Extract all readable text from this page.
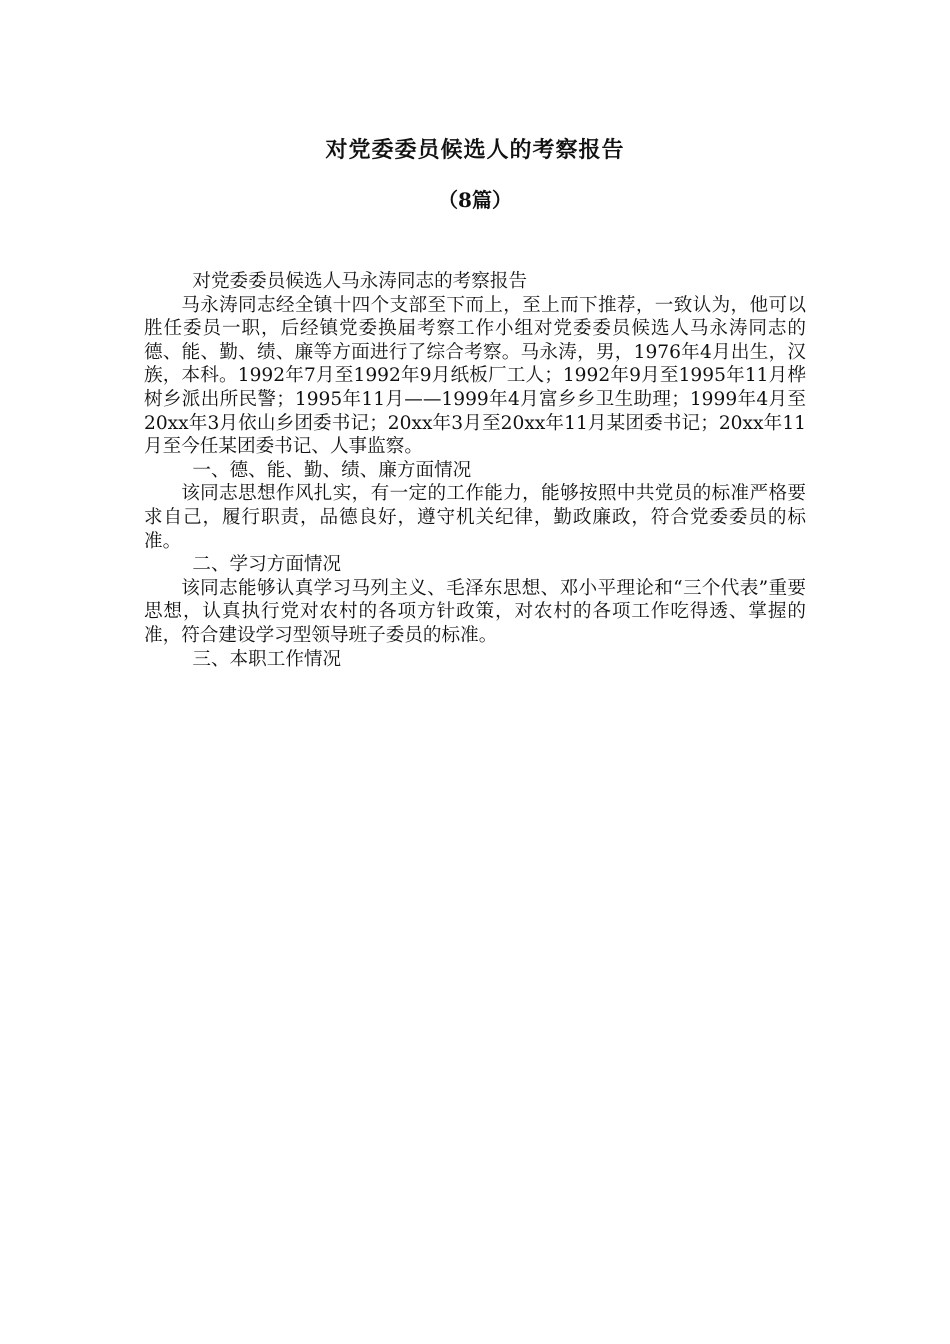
对党委委员候选人的考察报告
（8篇）

对党委委员候选人马永涛同志的考察报告

马永涛同志经全镇十四个支部至下而上，至上而下推荐，一致认为，他可以胜任委员一职，后经镇党委换届考察工作小组对党委委员候选人马永涛同志的德、能、勤、绩、廉等方面进行了综合考察。马永涛，男，1976年4月出生，汉族，本科。1992年7月至1992年9月纸板厂工人；1992年9月至1995年11月桦树乡派出所民警；1995年11月——1999年4月富乡乡卫生助理；1999年4月至20xx年3月依山乡团委书记；20xx年3月至20xx年11月某团委书记；20xx年11月至今任某团委书记、人事监察。

一、德、能、勤、绩、廉方面情况

该同志思想作风扎实，有一定的工作能力，能够按照中共党员的标准严格要求自己，履行职责，品德良好，遵守机关纪律，勤政廉政，符合党委委员的标准。

二、学习方面情况

该同志能够认真学习马列主义、毛泽东思想、邓小平理论和“三个代表”重要思想，认真执行党对农村的各项方针政策，对农村的各项工作吃得透、掌握的准，符合建设学习型领导班子委员的标准。

三、本职工作情况
